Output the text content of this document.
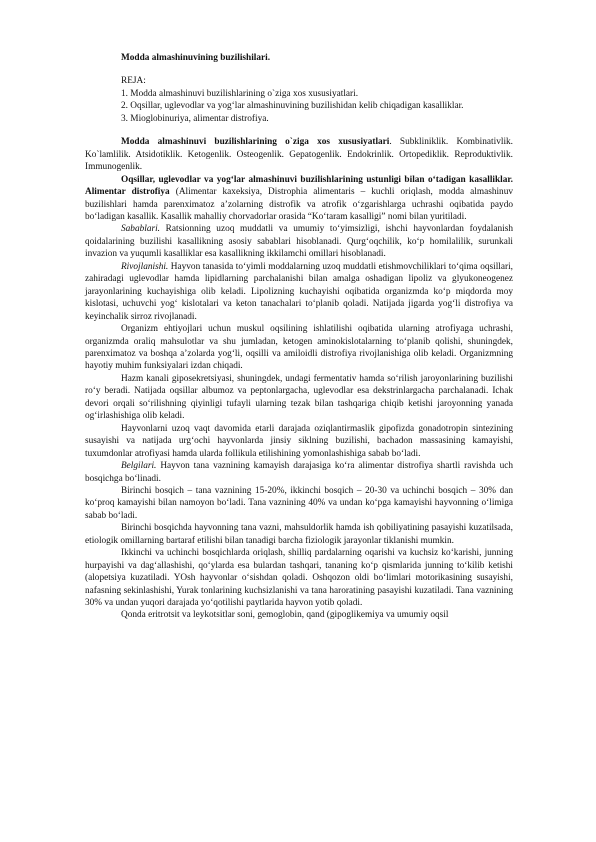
Modda almashinuvining buzilishilari.

REJA:

1. Modda almashinuvi buzilishlarining o`ziga xos xususiyatlari.

2. Oqsillar, uglevodlar va yog‘lar almashinuvining buzilishidan kelib chiqadigan kasalliklar.

3. Mioglobinuriya, alimentar distrofiya.

Modda almashinuvi buzilishlarining o`ziga xos xususiyatlari. Subkliniklik. Kombinativlik. Ko`lamlilik. Atsidotiklik. Ketogenlik. Osteogenlik. Gepatogenlik. Endokrinlik. Ortopediklik. Reproduktivlik. Immunogenlik.

Oqsillar, uglevodlar va yog‘lar almashinuvi buzilishlarining ustunligi bilan o‘tadigan kasalliklar. Alimentar distrofiya (Alimentar kaxeksiya, Distrophia alimentaris – kuchli oriqlash, modda almashinuv buzilishlari hamda parenximatoz a’zolarning distrofik va atrofik o‘zgarishlarga uchrashi oqibatida paydo bo‘ladigan kasallik. Kasallik mahalliy chorvadorlar orasida “Ko‘taram kasalligi” nomi bilan yuritiladi.

Sabablari. Ratsionning uzoq muddatli va umumiy to‘yimsizligi, ishchi hayvonlardan foydalanish qoidalarining buzilishi kasallikning asosiy sabablari hisoblanadi. Qurg‘oqchilik, ko‘p homilalilik, surunkali invazion va yuqumli kasalliklar esa kasallikning ikkilamchi omillari hisoblanadi.

Rivojlanishi. Hayvon tanasida to‘yimli moddalarning uzoq muddatli etishmovchiliklari to‘qima oqsillari, zahiradagi uglevodlar hamda lipidlarning parchalanishi bilan amalga oshadigan lipoliz va glyukoneogenez jarayonlarining kuchayishiga olib keladi. Lipolizning kuchayishi oqibatida organizmda ko‘p miqdorda moy kislotasi, uchuvchi yog‘ kislotalari va keton tanachalari to‘planib qoladi. Natijada jigarda yog‘li distrofiya va keyinchalik sirroz rivojlanadi.

Organizm ehtiyojlari uchun muskul oqsilining ishlatilishi oqibatida ularning atrofiyaga uchrashi, organizmda oraliq mahsulotlar va shu jumladan, ketogen aminokislotalarning to‘planib qolishi, shuningdek, parenximatoz va boshqa a’zolarda yog‘li, oqsilli va amiloidli distrofiya rivojlanishiga olib keladi. Organizmning hayotiy muhim funksiyalari izdan chiqadi.

Hazm kanali giposekretsiyasi, shuningdek, undagi fermentativ hamda so‘rilish jaroyonlarining buzilishi ro‘y beradi. Natijada oqsillar albumoz va peptonlargacha, uglevodlar esa dekstrinlargacha parchalanadi. Ichak devori orqali so‘rilishning qiyinligi tufayli ularning tezak bilan tashqariga chiqib ketishi jaroyonning yanada og‘irlashishiga olib keladi.

Hayvonlarni uzoq vaqt davomida etarli darajada oziqlantirmaslik gipofizda gonadotropin sintezining susayishi va natijada urg‘ochi hayvonlarda jinsiy siklning buzilishi, bachadon massasining kamayishi, tuxumdonlar atrofiyasi hamda ularda follikula etilishining yomonlashishiga sabab bo‘ladi.

Belgilari. Hayvon tana vaznining kamayish darajasiga ko‘ra alimentar distrofiya shartli ravishda uch bosqichga bo‘linadi.

Birinchi bosqich – tana vaznining 15-20%, ikkinchi bosqich – 20-30 va uchinchi bosqich – 30% dan ko‘proq kamayishi bilan namoyon bo‘ladi. Tana vaznining 40% va undan ko‘pga kamayishi hayvonning o‘limiga sabab bo‘ladi.

Birinchi bosqichda hayvonning tana vazni, mahsuldorlik hamda ish qobiliyatining pasayishi kuzatilsada, etiologik omillarning bartaraf etilishi bilan tanadigi barcha fiziologik jarayonlar tiklanishi mumkin.

Ikkinchi va uchinchi bosqichlarda oriqlash, shilliq pardalarning oqarishi va kuchsiz ko‘karishi, junning hurpayishi va dag‘allashishi, qo‘ylarda esa bulardan tashqari, tananing ko‘p qismlarida junning to‘kilib ketishi (alopetsiya kuzatiladi. YOsh hayvonlar o‘sishdan qoladi. Oshqozon oldi bo‘limlari motorikasining susayishi, nafasning sekinlashishi, Yurak tonlarining kuchsizlanishi va tana haroratining pasayishi kuzatiladi. Tana vaznining 30% va undan yuqori darajada yo‘qotilishi paytlarida hayvon yotib qoladi.

Qonda eritrotsit va leykotsitlar soni, gemoglobin, qand (gipoglikemiya va umumiy oqsil
